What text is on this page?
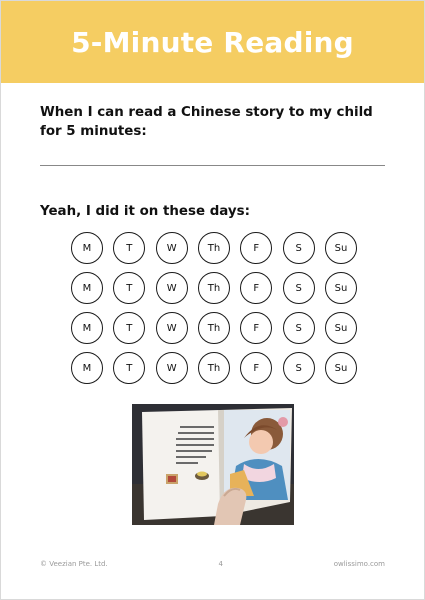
5-Minute Reading
When I can read a Chinese story to my child for 5 minutes:
Yeah, I did it on these days:
M	T	W	Th	F	S	Su
M	T	W	Th	F	S	Su
M	T	W	Th	F	S	Su
M	T	W	Th	F	S	Su
© Veezian Pte. Ltd.	4	owlissimo.com
